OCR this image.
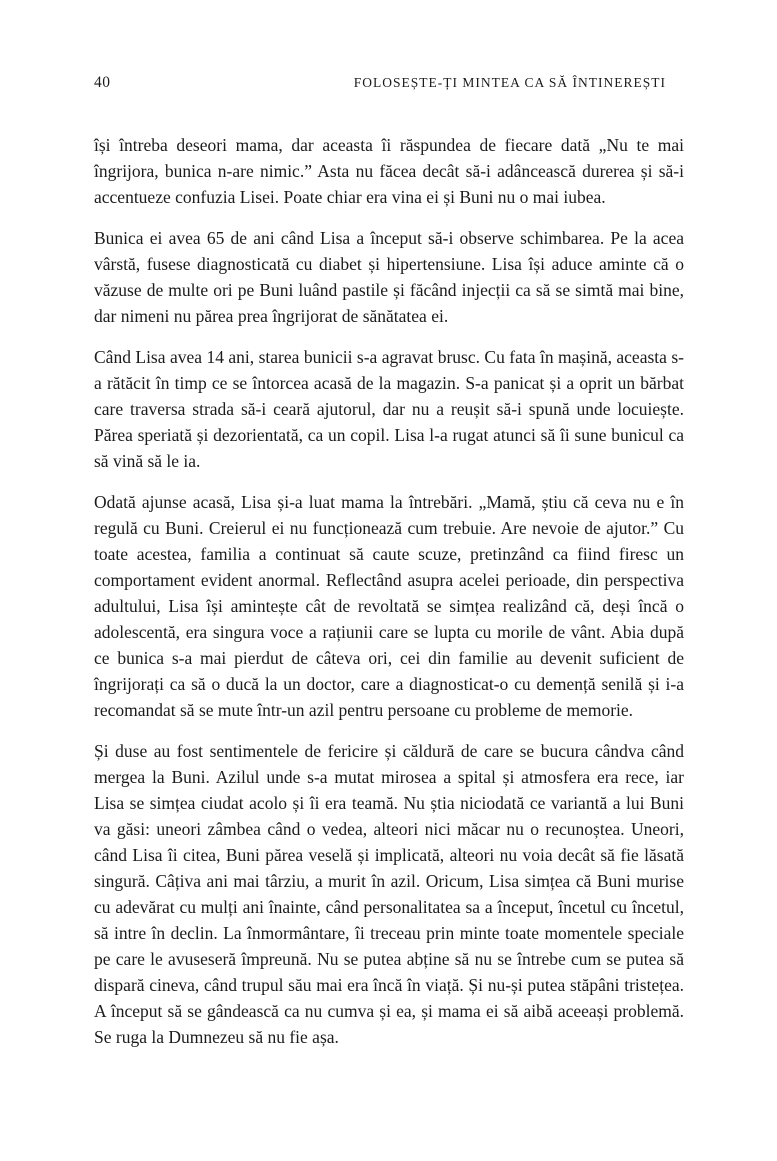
40	FOLOSEȘTE-ȚI MINTEA CA SĂ ÎNTINEREȘTI

își întreba deseori mama, dar aceasta îi răspundea de fiecare dată „Nu te mai îngrijora, bunica n-are nimic.” Asta nu făcea decât să-i adâncească durerea și să-i accentueze confuzia Lisei. Poate chiar era vina ei și Buni nu o mai iubea.

Bunica ei avea 65 de ani când Lisa a început să-i observe schimbarea. Pe la acea vârstă, fusese diagnosticată cu diabet și hipertensiune. Lisa își aduce aminte că o văzuse de multe ori pe Buni luând pastile și făcând injecții ca să se simtă mai bine, dar nimeni nu părea prea îngrijorat de sănătatea ei.

Când Lisa avea 14 ani, starea bunicii s-a agravat brusc. Cu fata în mașină, aceasta s-a rătăcit în timp ce se întorcea acasă de la magazin. S-a panicat și a oprit un bărbat care traversa strada să-i ceară ajutorul, dar nu a reușit să-i spună unde locuiește. Părea speriată și dezorientată, ca un copil. Lisa l-a rugat atunci să îi sune bunicul ca să vină să le ia.

Odată ajunse acasă, Lisa și-a luat mama la întrebări. „Mamă, știu că ceva nu e în regulă cu Buni. Creierul ei nu funcționează cum trebuie. Are nevoie de ajutor.” Cu toate acestea, familia a continuat să caute scuze, pretinzând ca fiind firesc un comportament evident anormal. Reflectând asupra acelei perioade, din perspectiva adultului, Lisa își amintește cât de revoltată se simțea realizând că, deși încă o adolescentă, era singura voce a rațiunii care se lupta cu morile de vânt. Abia după ce bunica s-a mai pierdut de câteva ori, cei din familie au devenit suficient de îngrijorați ca să o ducă la un doctor, care a diagnosticat-o cu demență senilă și i-a recomandat să se mute într-un azil pentru persoane cu probleme de memorie.

Și duse au fost sentimentele de fericire și căldură de care se bucura cândva când mergea la Buni. Azilul unde s-a mutat mirosea a spital și atmosfera era rece, iar Lisa se simțea ciudat acolo și îi era teamă. Nu știa niciodată ce variantă a lui Buni va găsi: uneori zâmbea când o vedea, alteori nici măcar nu o recunoștea. Uneori, când Lisa îi citea, Buni părea veselă și implicată, alteori nu voia decât să fie lăsată singură. Câțiva ani mai târziu, a murit în azil. Oricum, Lisa simțea că Buni murise cu adevărat cu mulți ani înainte, când personalitatea sa a început, încetul cu încetul, să intre în declin. La înmormântare, îi treceau prin minte toate momentele speciale pe care le avuseseră împreună. Nu se putea abține să nu se întrebe cum se putea să dispară cineva, când trupul său mai era încă în viață. Și nu-și putea stăpâni tristețea. A început să se gândească ca nu cumva și ea, și mama ei să aibă aceeași problemă. Se ruga la Dumnezeu să nu fie așa.
